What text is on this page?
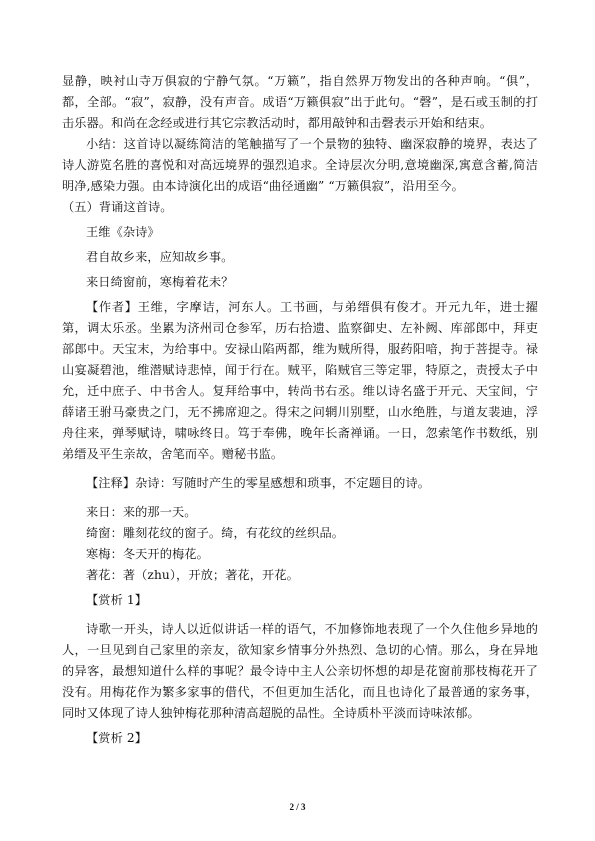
显静，映衬山寺万俱寂的宁静气氛。“万籁”，指自然界万物发出的各种声响。“俱”，都，全部。“寂”，寂静，没有声音。成语“万籁俱寂”出于此句。“磬”，是石或玉制的打击乐器。和尚在念经或进行其它宗教活动时，都用敲钟和击磬表示开始和结束。

小结：这首诗以凝练简洁的笔触描写了一个景物的独特、幽深寂静的境界，表达了诗人游览名胜的喜悦和对高远境界的强烈追求。全诗层次分明,意境幽深,寓意含蓄,简洁明净,感染力强。由本诗演化出的成语“曲径通幽” “万籁俱寂”，沿用至今。

（五）背诵这首诗。

王维《杂诗》

君自故乡来，应知故乡事。

来日绮窗前，寒梅着花未？

【作者】王维，字摩诘，河东人。工书画，与弟缙俱有俊才。开元九年，进士擢第，调太乐丞。坐累为济州司仓参军，历右拾遗、监察御史、左补阙、库部郎中，拜吏部郎中。天宝末，为给事中。安禄山陷两都，维为贼所得，服药阳喑，拘于菩提寺。禄山宴凝碧池，维潜赋诗悲悼，闻于行在。贼平，陷贼官三等定罪，特原之，责授太子中允，迁中庶子、中书舍人。复拜给事中，转尚书右丞。维以诗名盛于开元、天宝间，宁薛诸王驸马豪贵之门，无不拂席迎之。得宋之问辋川别墅，山水绝胜，与道友裴迪，浮舟往来，弹琴赋诗，啸咏终日。笃于奉佛，晚年长斋禅诵。一日，忽索笔作书数纸，别弟缙及平生亲故，舍笔而卒。赠秘书监。

【注释】杂诗：写随时产生的零星感想和琐事，不定题目的诗。

来日：来的那一天。

绮窗：雕刻花纹的窗子。绮，有花纹的丝织品。

寒梅：冬天开的梅花。

著花：著（zhu），开放；著花，开花。

【赏析 1】

诗歌一开头，诗人以近似讲话一样的语气，不加修饰地表现了一个久住他乡异地的人，一旦见到自己家里的亲友，欲知家乡情事分外热烈、急切的心情。那么，身在异地的异客，最想知道什么样的事呢？最令诗中主人公亲切怀想的却是花窗前那枝梅花开了没有。用梅花作为繁多家事的借代，不但更加生活化，而且也诗化了最普通的家务事，同时又体现了诗人独钟梅花那种清高超脱的品性。全诗质朴平淡而诗味浓郁。

【赏析 2】

2 / 3
